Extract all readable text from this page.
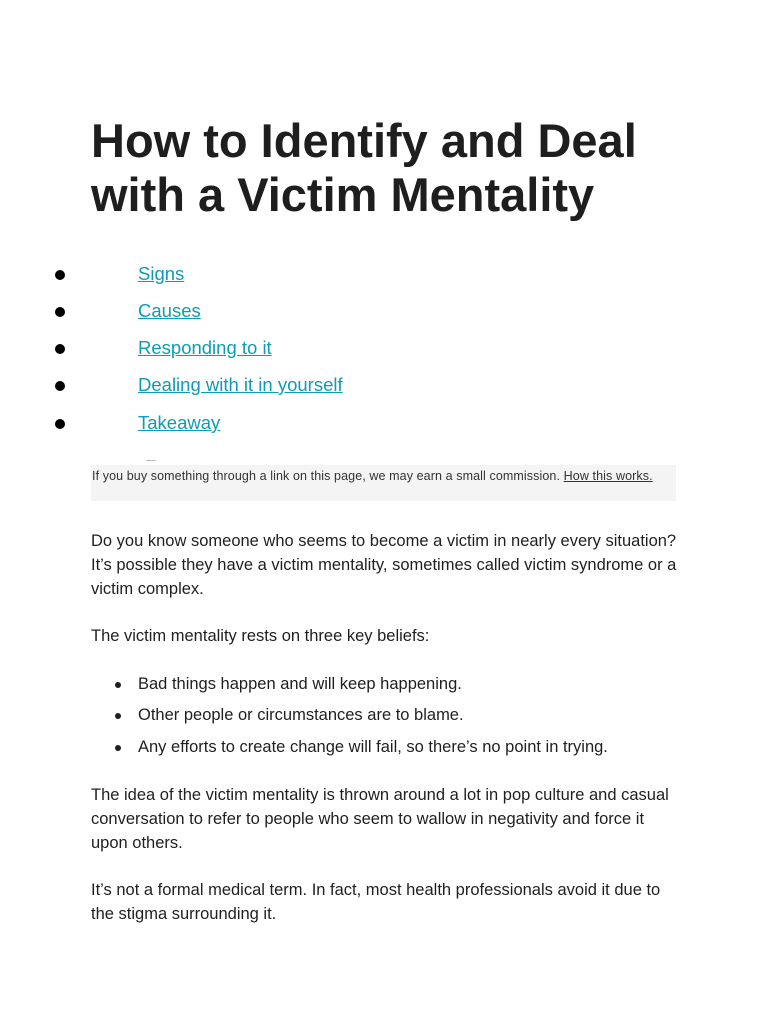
How to Identify and Deal with a Victim Mentality
Signs
Causes
Responding to it
Dealing with it in yourself
Takeaway
If you buy something through a link on this page, we may earn a small commission. How this works.

Do you know someone who seems to become a victim in nearly every situation? It’s possible they have a victim mentality, sometimes called victim syndrome or a victim complex.

The victim mentality rests on three key beliefs:

Bad things happen and will keep happening.
Other people or circumstances are to blame.
Any efforts to create change will fail, so there’s no point in trying.

The idea of the victim mentality is thrown around a lot in pop culture and casual conversation to refer to people who seem to wallow in negativity and force it upon others.

It’s not a formal medical term. In fact, most health professionals avoid it due to the stigma surrounding it.
